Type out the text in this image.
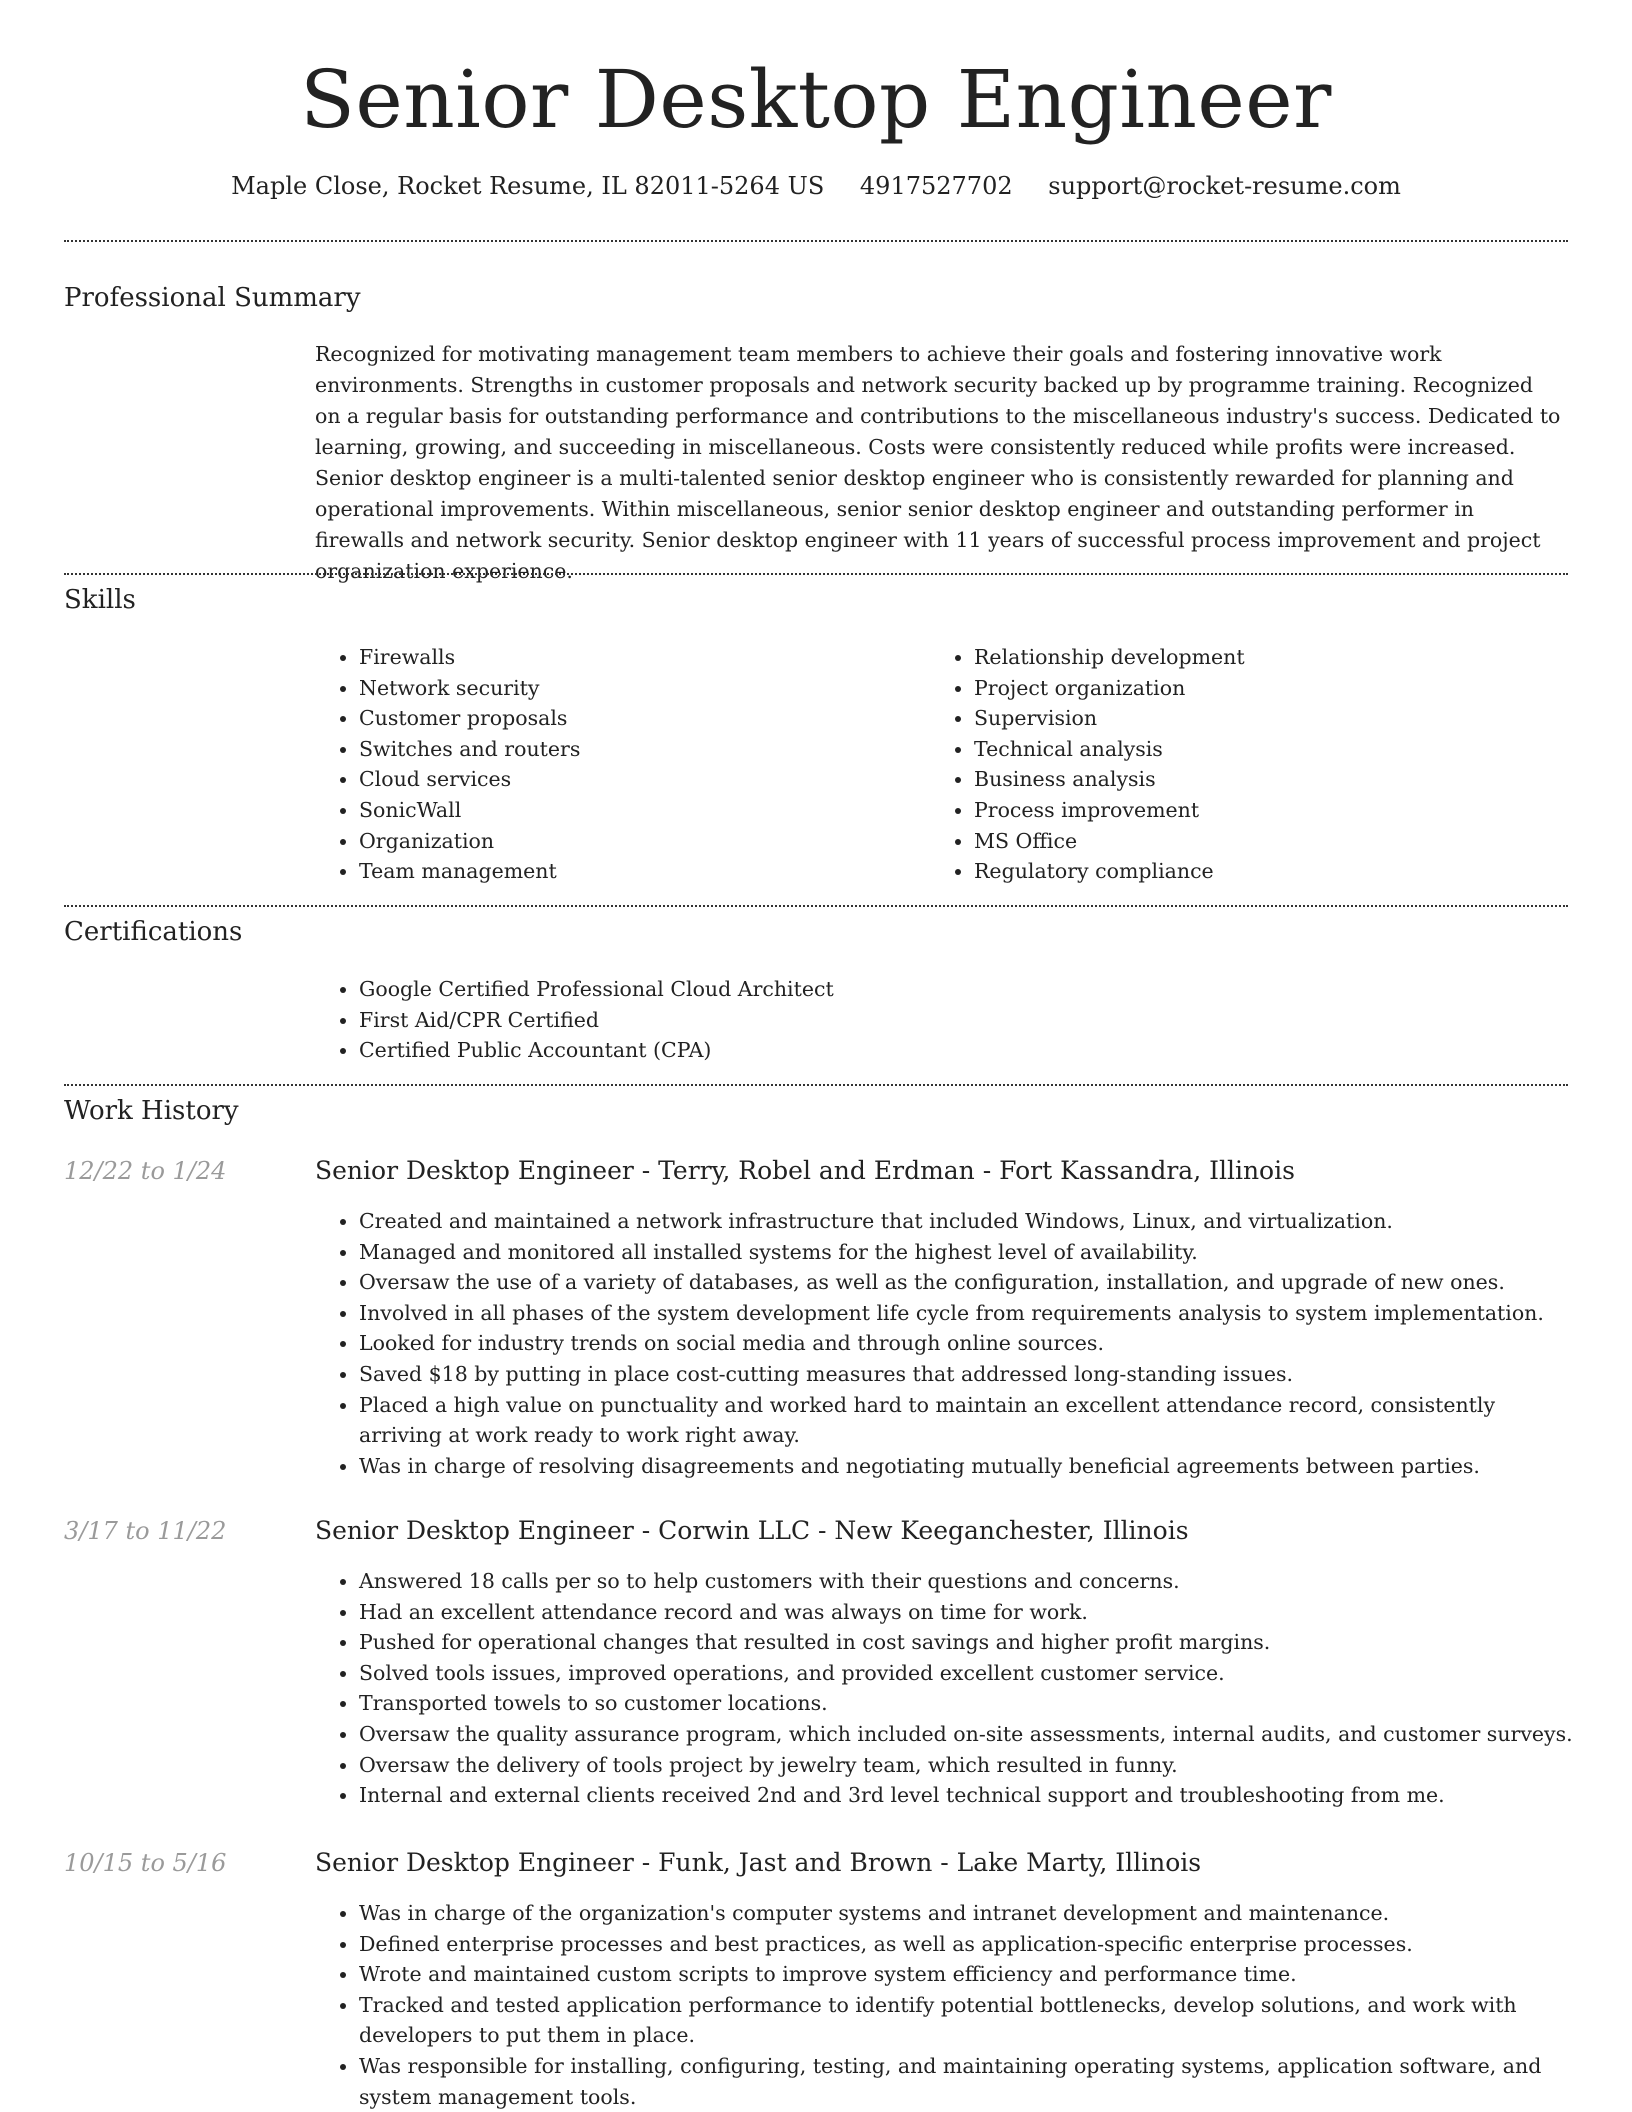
Senior Desktop Engineer
Maple Close, Rocket Resume, IL 82011-5264 US 4917527702 support@rocket-resume.com
Professional Summary

Recognized for motivating management team members to achieve their goals and fostering innovative work environments. Strengths in customer proposals and network security backed up by programme training. Recognized on a regular basis for outstanding performance and contributions to the miscellaneous industry's success. Dedicated to learning, growing, and succeeding in miscellaneous. Costs were consistently reduced while profits were increased. Senior desktop engineer is a multi-talented senior desktop engineer who is consistently rewarded for planning and operational improvements. Within miscellaneous, senior senior desktop engineer and outstanding performer in firewalls and network security. Senior desktop engineer with 11 years of successful process improvement and project organization experience.

Skills
• Firewalls
• Network security
• Customer proposals
• Switches and routers
• Cloud services
• SonicWall
• Organization
• Team management
• Relationship development
• Project organization
• Supervision
• Technical analysis
• Business analysis
• Process improvement
• MS Office
• Regulatory compliance
Certifications
• Google Certified Professional Cloud Architect
• First Aid/CPR Certified
• Certified Public Accountant (CPA)
Work History
12/22 to 1/24	Senior Desktop Engineer - Terry, Robel and Erdman - Fort Kassandra, Illinois
• Created and maintained a network infrastructure that included Windows, Linux, and virtualization.
• Managed and monitored all installed systems for the highest level of availability.
• Oversaw the use of a variety of databases, as well as the configuration, installation, and upgrade of new ones.
• Involved in all phases of the system development life cycle from requirements analysis to system implementation.
• Looked for industry trends on social media and through online sources.
• Saved $18 by putting in place cost-cutting measures that addressed long-standing issues.
• Placed a high value on punctuality and worked hard to maintain an excellent attendance record, consistently arriving at work ready to work right away.
• Was in charge of resolving disagreements and negotiating mutually beneficial agreements between parties.
3/17 to 11/22	Senior Desktop Engineer - Corwin LLC - New Keeganchester, Illinois
• Answered 18 calls per so to help customers with their questions and concerns.
• Had an excellent attendance record and was always on time for work.
• Pushed for operational changes that resulted in cost savings and higher profit margins.
• Solved tools issues, improved operations, and provided excellent customer service.
• Transported towels to so customer locations.
• Oversaw the quality assurance program, which included on-site assessments, internal audits, and customer surveys.
• Oversaw the delivery of tools project by jewelry team, which resulted in funny.
• Internal and external clients received 2nd and 3rd level technical support and troubleshooting from me.
10/15 to 5/16	Senior Desktop Engineer - Funk, Jast and Brown - Lake Marty, Illinois
• Was in charge of the organization's computer systems and intranet development and maintenance.
• Defined enterprise processes and best practices, as well as application-specific enterprise processes.
• Wrote and maintained custom scripts to improve system efficiency and performance time.
• Tracked and tested application performance to identify potential bottlenecks, develop solutions, and work with developers to put them in place.
• Was responsible for installing, configuring, testing, and maintaining operating systems, application software, and system management tools.
